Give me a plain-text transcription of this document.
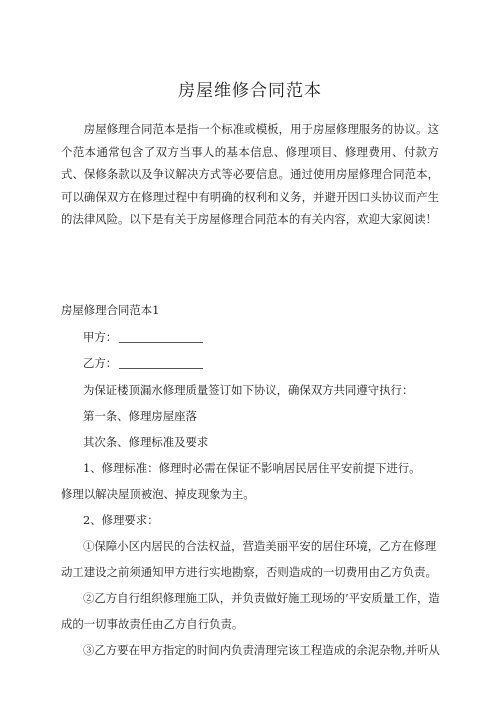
房屋维修合同范本

房屋修理合同范本是指一个标准或模板，用于房屋修理服务的协议。这个范本通常包含了双方当事人的基本信息、修理项目、修理费用、付款方式、保修条款以及争议解决方式等必要信息。通过使用房屋修理合同范本，可以确保双方在修理过程中有明确的权利和义务，并避开因口头协议而产生的法律风险。以下是有关于房屋修理合同范本的有关内容，欢迎大家阅读！

房屋修理合同范本1

甲方：

乙方：

为保证楼顶漏水修理质量签订如下协议，确保双方共同遵守执行：

第一条、修理房屋座落

其次条、修理标准及要求

1、修理标准：修理时必需在保证不影响居民居住平安前提下进行。

修理以解决屋顶被泡、掉皮现象为主。

2、修理要求：

①保障小区内居民的合法权益，营造美丽平安的居住环境，乙方在修理

动工建设之前须通知甲方进行实地勘察，否则造成的一切费用由乙方负责。

②乙方自行组织修理施工队，并负责做好施工现场的’平安质量工作，造

成的一切事故责任由乙方自行负责。

③乙方要在甲方指定的时间内负责清理完该工程造成的余泥杂物,并听从
